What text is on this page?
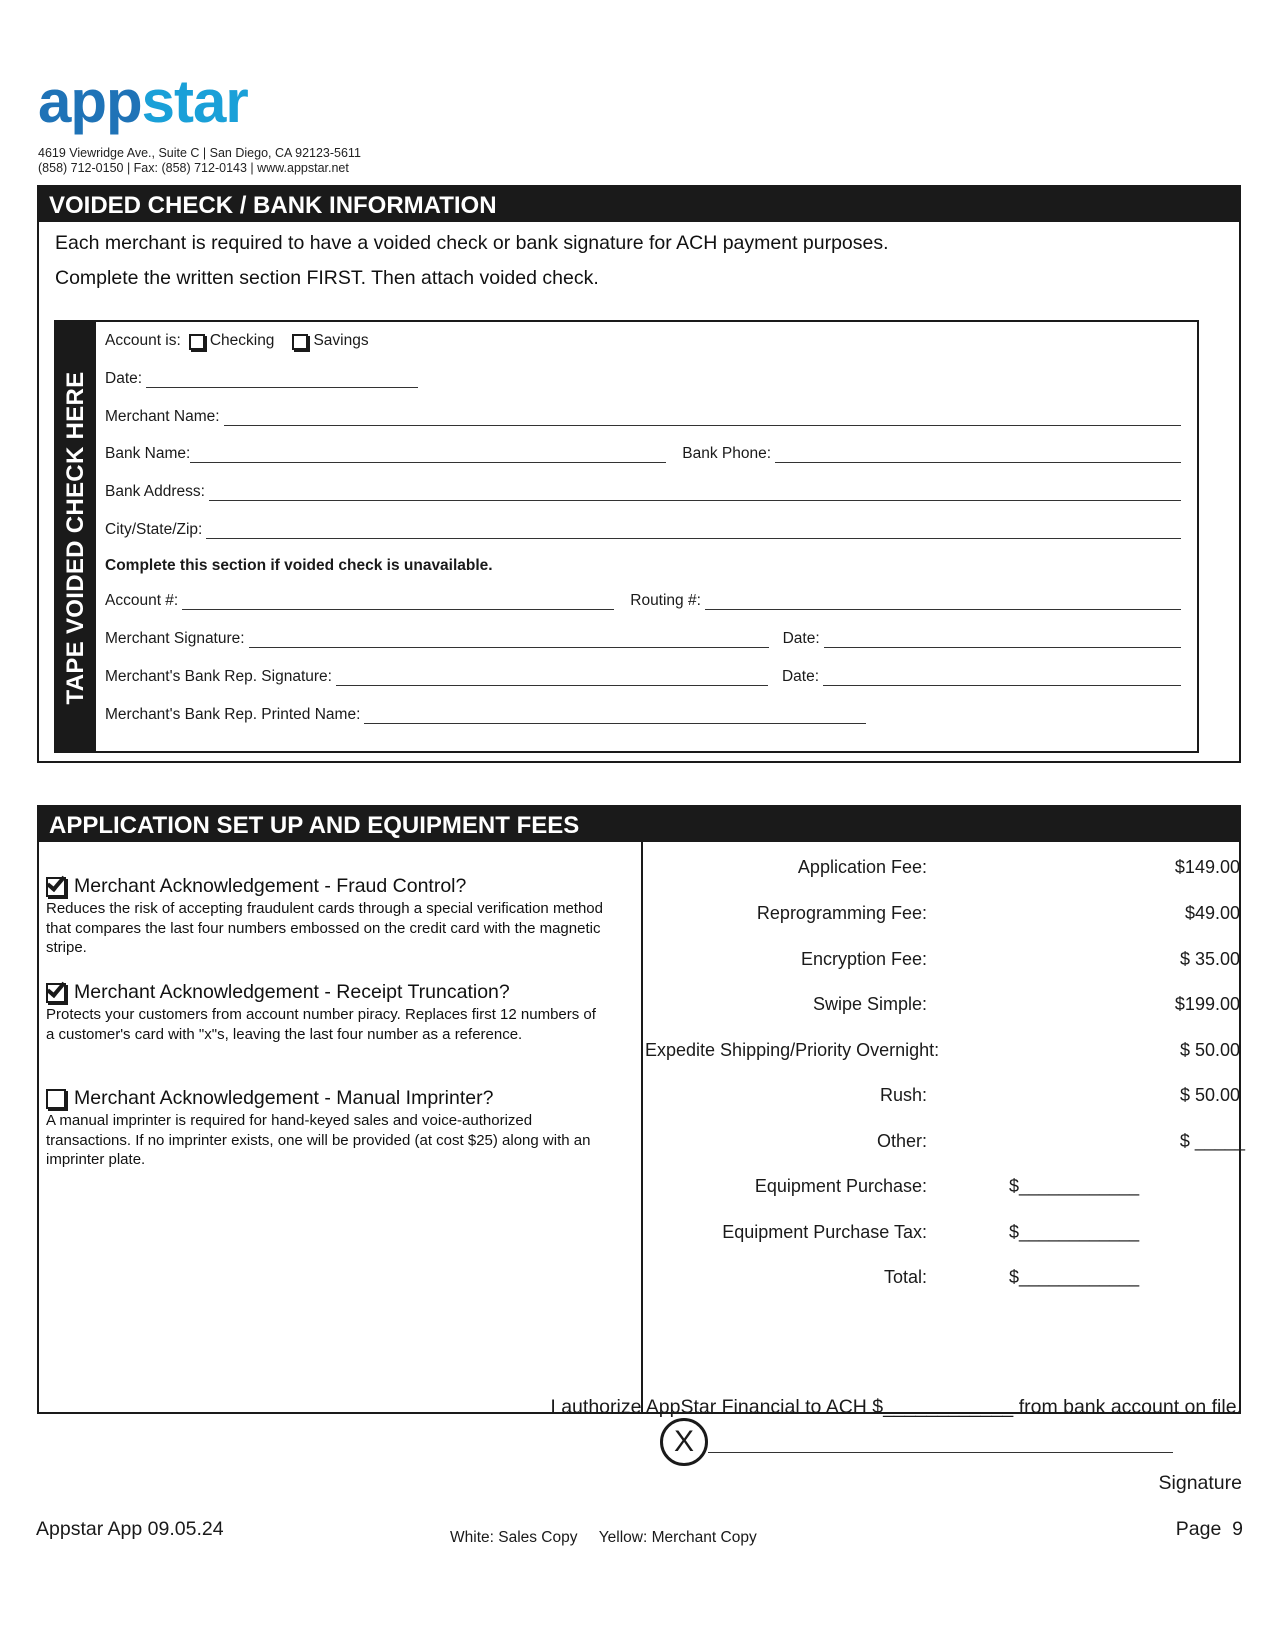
appstar
4619 Viewridge Ave., Suite C | San Diego, CA 92123-5611
(858) 712-0150 | Fax: (858) 712-0143 | www.appstar.net
VOIDED CHECK / BANK INFORMATION
Each merchant is required to have a voided check or bank signature for ACH payment purposes.
Complete the written section FIRST. Then attach voided check.
TAPE VOIDED CHECK HERE
Account is: Checking	Savings
Date:
Merchant Name:
Bank Name:	Bank Phone:
Bank Address:
City/State/Zip:
Complete this section if voided check is unavailable.
Account #:	Routing #:
Merchant Signature:	Date:
Merchant's Bank Rep. Signature:	Date:
Merchant's Bank Rep. Printed Name:
APPLICATION SET UP AND EQUIPMENT FEES
Merchant Acknowledgement - Fraud Control?
Reduces the risk of accepting fraudulent cards through a special verification method that compares the last four numbers embossed on the credit card with the magnetic stripe.
Merchant Acknowledgement - Receipt Truncation?
Protects your customers from account number piracy. Replaces first 12 numbers of a customer's card with "x"s, leaving the last four number as a reference.
Merchant Acknowledgement - Manual Imprinter?
A manual imprinter is required for hand-keyed sales and voice-authorized transactions. If no imprinter exists, one will be provided (at cost $25) along with an imprinter plate.
Application Fee:	$149.00
Reprogramming Fee:	$49.00
Encryption Fee:	$ 35.00
Swipe Simple:	$199.00
Expedite Shipping/Priority Overnight:	$ 50.00
Rush:	$ 50.00
Other:	$ _____
Equipment Purchase:	$____________
Equipment Purchase Tax:	$____________
Total:	$____________
I authorize AppStar Financial to ACH $____________ from bank account on file.
X
Signature
Appstar App 09.05.24	White: Sales Copy     Yellow: Merchant Copy	Page  9
